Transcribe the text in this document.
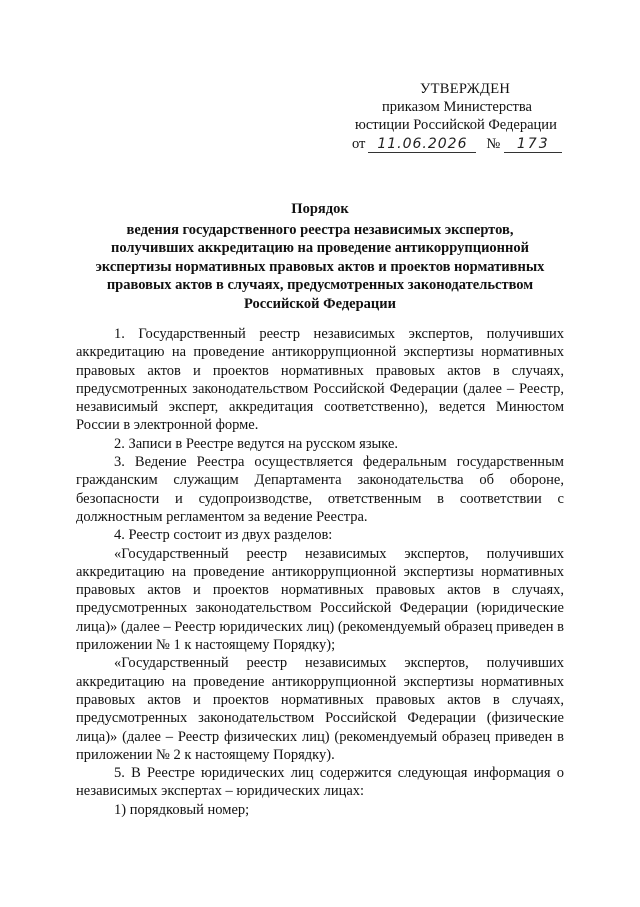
УТВЕРЖДЕН
приказом Министерства
юстиции Российской Федерации
от 11.06.2026	№	173
Порядок
ведения государственного реестра независимых экспертов,
получивших аккредитацию на проведение антикоррупционной
экспертизы нормативных правовых актов и проектов нормативных
правовых актов в случаях, предусмотренных законодательством
Российской Федерации

1. Государственный реестр независимых экспертов, получивших аккредитацию на проведение антикоррупционной экспертизы нормативных правовых актов и проектов нормативных правовых актов в случаях, предусмотренных законодательством Российской Федерации (далее – Реестр, независимый эксперт, аккредитация соответственно), ведется Минюстом России в электронной форме.

2. Записи в Реестре ведутся на русском языке.

3. Ведение Реестра осуществляется федеральным государственным гражданским служащим Департамента законодательства об обороне, безопасности и судопроизводстве, ответственным в соответствии с должностным регламентом за ведение Реестра.

4. Реестр состоит из двух разделов:

«Государственный реестр независимых экспертов, получивших аккредитацию на проведение антикоррупционной экспертизы нормативных правовых актов и проектов нормативных правовых актов в случаях, предусмотренных законодательством Российской Федерации (юридические лица)» (далее – Реестр юридических лиц) (рекомендуемый образец приведен в приложении № 1 к настоящему Порядку);

«Государственный реестр независимых экспертов, получивших аккредитацию на проведение антикоррупционной экспертизы нормативных правовых актов и проектов нормативных правовых актов в случаях, предусмотренных законодательством Российской Федерации (физические лица)» (далее – Реестр физических лиц) (рекомендуемый образец приведен в приложении № 2 к настоящему Порядку).

5. В Реестре юридических лиц содержится следующая информация о независимых экспертах – юридических лицах:

1) порядковый номер;
